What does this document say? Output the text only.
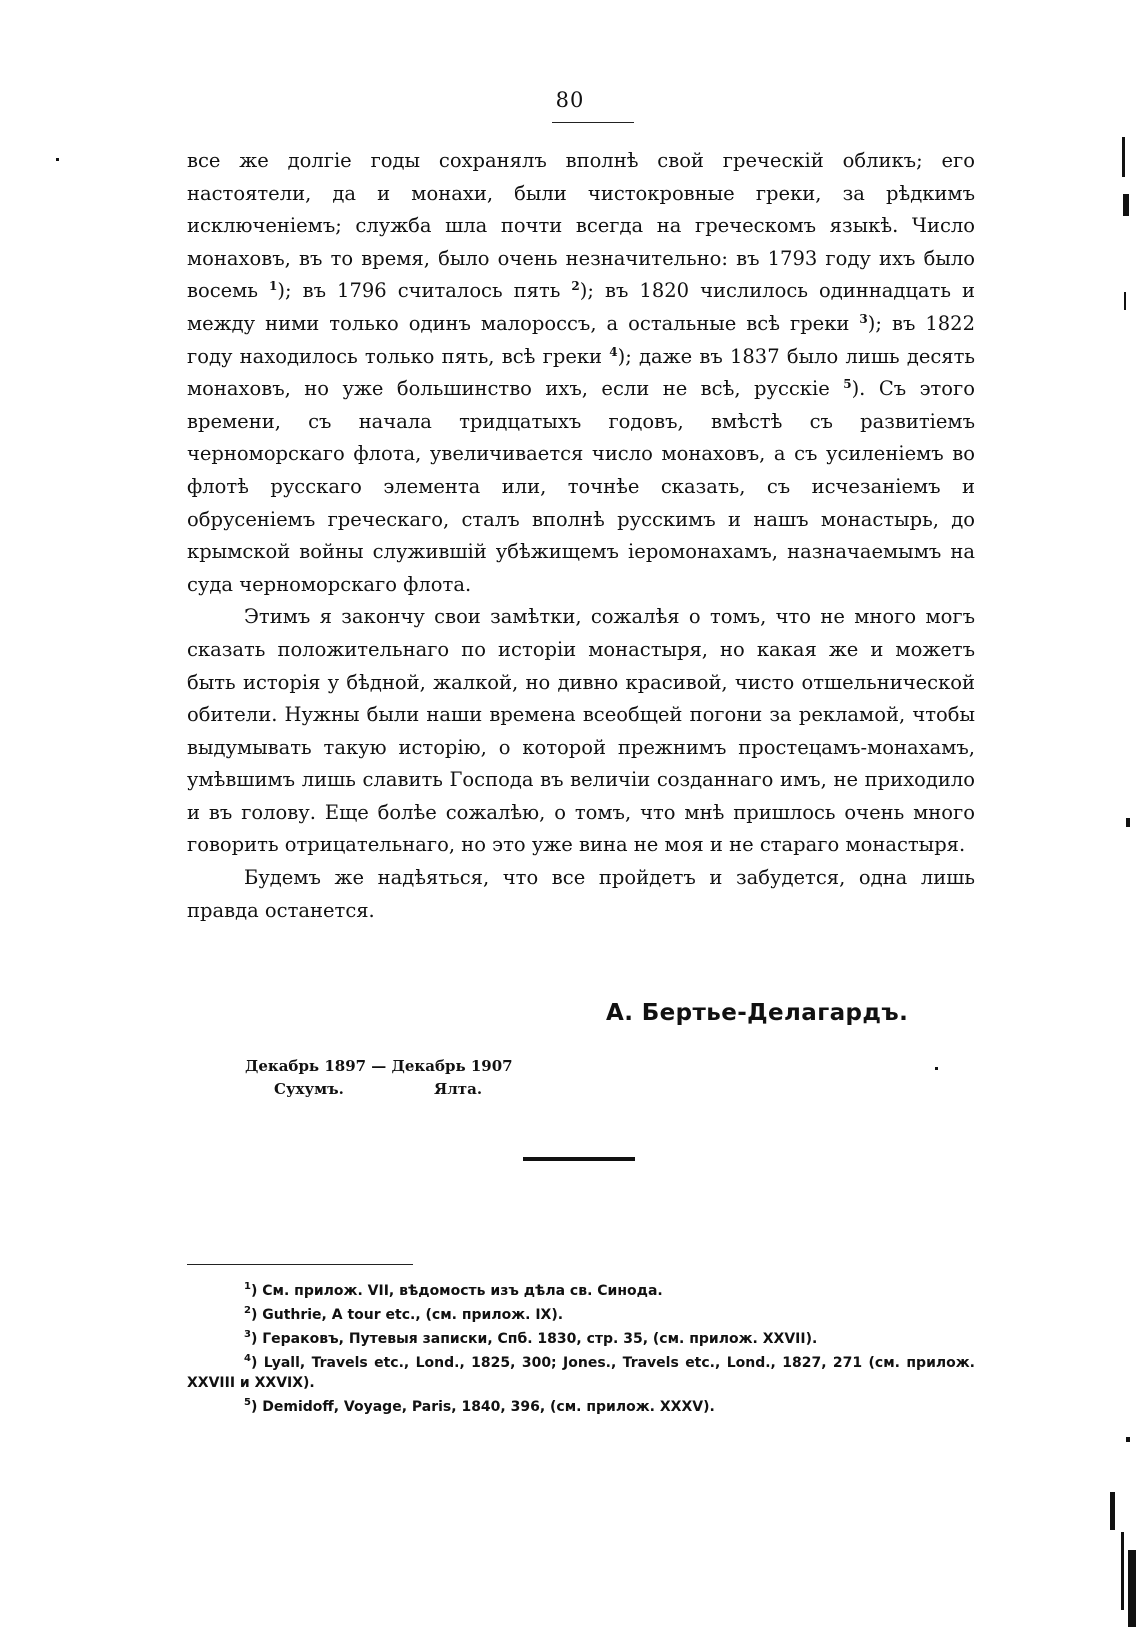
80

все же долгіе годы сохранялъ вполнѣ свой греческій обликъ; его настоятели, да и монахи, были чистокровные греки, за рѣдкимъ исключеніемъ; служба шла почти всегда на греческомъ языкѣ. Число монаховъ, въ то время, было очень незначительно: въ 1793 году ихъ было восемь $^1$); въ 1796 считалось пять $^2$); въ 1820 числилось одиннадцать и между ними только одинъ малороссъ, а остальные всѣ греки $^3$); въ 1822 году находилось только пять, всѣ греки $^4$); даже въ 1837 было лишь десять монаховъ, но уже большинство ихъ, если не всѣ, русскіе $^5$). Съ этого времени, съ начала тридцатыхъ годовъ, вмѣстѣ съ развитіемъ черноморскаго флота, увеличивается число монаховъ, а съ усиленіемъ во флотѣ русскаго элемента или, точнѣе сказать, съ исчезаніемъ и обрусеніемъ греческаго, сталъ вполнѣ русскимъ и нашъ монастырь, до крымской войны служившій убѣжищемъ іеромонахамъ, назначаемымъ на суда черноморскаго флота.

Этимъ я закончу свои замѣтки, сожалѣя о томъ, что не много могъ сказать положительнаго по исторіи монастыря, но какая же и можетъ быть исторія у бѣдной, жалкой, но дивно красивой, чисто отшельнической обители. Нужны были наши времена всеобщей погони за рекламой, чтобы выдумывать такую исторію, о которой прежнимъ простецамъ-монахамъ, умѣвшимъ лишь славить Господа въ величіи созданнаго имъ, не приходило и въ голову. Еще болѣе сожалѣю, о томъ, что мнѣ пришлось очень много говорить отрицательнаго, но это уже вина не моя и не стараго монастыря.

Будемъ же надѣяться, что все пройдетъ и забудется, одна лишь правда останется.

А. Бертье-Делагардъ.
Декабрь 1897 — Декабрь 1907
Сухумъ.	Ялта.
$^1$) См. прилож. VII, вѣдомость изъ дѣла св. Синода.
$^2$) Guthrie, A tour etc., (см. прилож. IX).
$^3$) Гераковъ, Путевыя записки, Спб. 1830, стр. 35, (см. прилож. XXVII).
$^4$) Lyall, Travels etc., Lond., 1825, 300; Jones., Travels etc., Lond., 1827, 271 (см. прилож. XXVIII и XXVIX).
$^5$) Demidoff, Voyage, Paris, 1840, 396, (см. прилож. XXXV).
